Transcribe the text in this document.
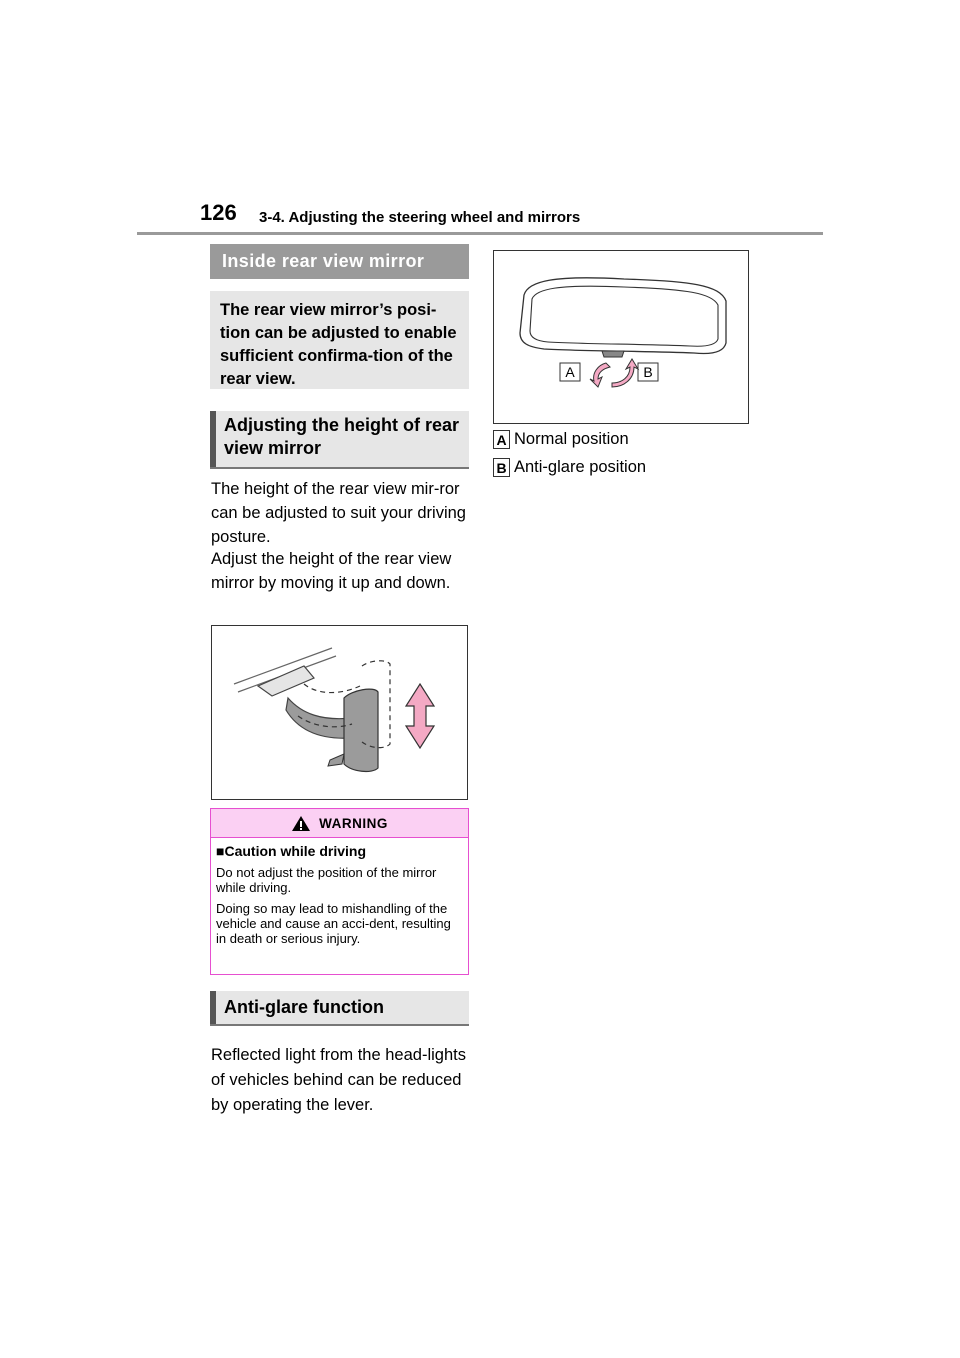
126 3-4. Adjusting the steering wheel and mirrors
Inside rear view mirror
The rear view mirror’s posi-tion can be adjusted to enable sufficient confirma-tion of the rear view.
Adjusting the height of rear view mirror
The height of the rear view mir-ror can be adjusted to suit your driving posture.
Adjust the height of the rear view mirror by moving it up and down.
WARNING
■Caution while driving
Do not adjust the position of the mirror while driving.
Doing so may lead to mishandling of the vehicle and cause an acci-dent, resulting in death or serious injury.
Anti-glare function
Reflected light from the head-lights of vehicles behind can be reduced by operating the lever.
A	B
A Normal position
B Anti-glare position
